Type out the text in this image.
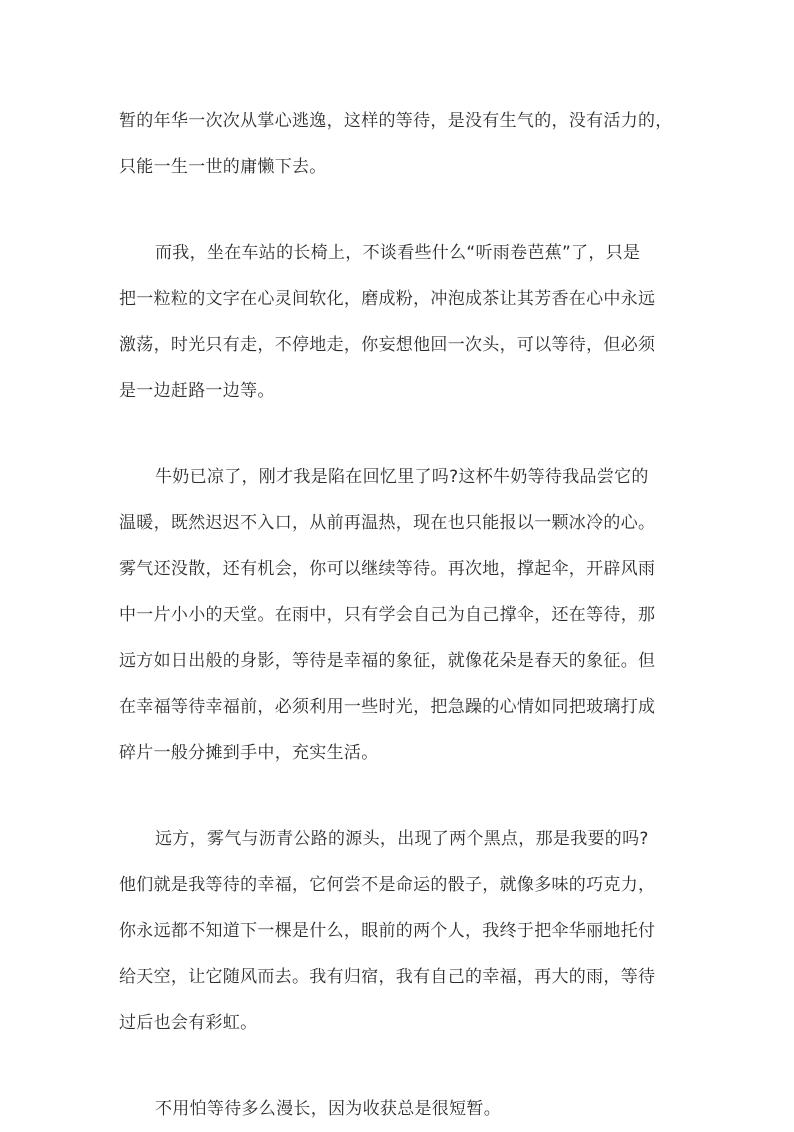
暂的年华一次次从掌心逃逸，这样的等待，是没有生气的，没有活力的，
只能一生一世的庸懒下去。
而我，坐在车站的长椅上，不谈看些什么“听雨卷芭蕉”了，只是
把一粒粒的文字在心灵间软化，磨成粉，冲泡成茶让其芳香在心中永远
激荡，时光只有走，不停地走，你妄想他回一次头，可以等待，但必须
是一边赶路一边等。
牛奶已凉了，刚才我是陷在回忆里了吗?这杯牛奶等待我品尝它的
温暖，既然迟迟不入口，从前再温热，现在也只能报以一颗冰冷的心。
雾气还没散，还有机会，你可以继续等待。再次地，撑起伞，开辟风雨
中一片小小的天堂。在雨中，只有学会自己为自己撑伞，还在等待，那
远方如日出般的身影，等待是幸福的象征，就像花朵是春天的象征。但
在幸福等待幸福前，必须利用一些时光，把急躁的心情如同把玻璃打成
碎片一般分摊到手中，充实生活。
远方，雾气与沥青公路的源头，出现了两个黑点，那是我要的吗?
他们就是我等待的幸福，它何尝不是命运的骰子，就像多味的巧克力，
你永远都不知道下一棵是什么，眼前的两个人，我终于把伞华丽地托付
给天空，让它随风而去。我有归宿，我有自己的幸福，再大的雨，等待
过后也会有彩虹。
不用怕等待多么漫长，因为收获总是很短暂。
